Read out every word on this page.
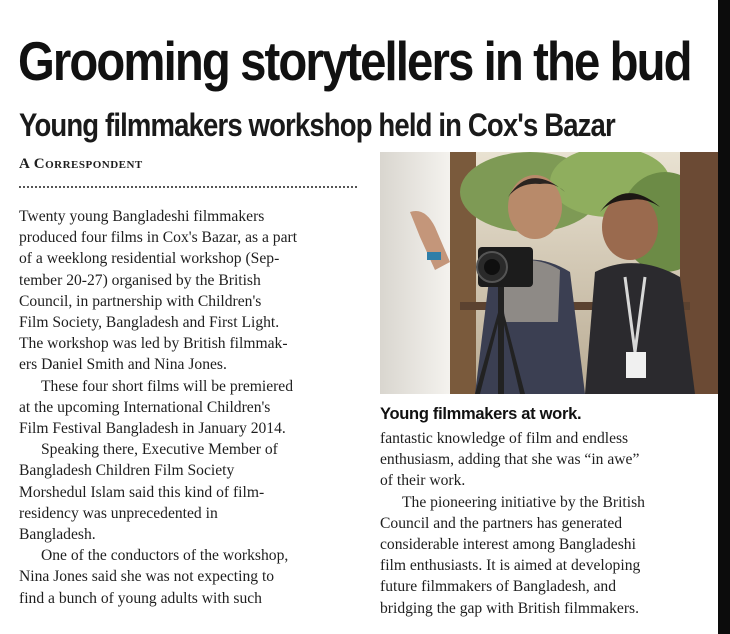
Grooming storytellers in the bud
Young filmmakers workshop held in Cox's Bazar
A Correspondent

Twenty young Bangladeshi filmmakers
produced four films in Cox's Bazar, as a part
of a weeklong residential workshop (Sep-
tember 20-27) organised by the British
Council, in partnership with Children's
Film Society, Bangladesh and First Light.
The workshop was led by British filmmak-
ers Daniel Smith and Nina Jones.

These four short films will be premiered
at the upcoming International Children's
Film Festival Bangladesh in January 2014.

Speaking there, Executive Member of
Bangladesh Children Film Society
Morshedul Islam said this kind of film-
residency was unprecedented in
Bangladesh.

One of the conductors of the workshop,
Nina Jones said she was not expecting to
find a bunch of young adults with such

Young filmmakers at work.

fantastic knowledge of film and endless
enthusiasm, adding that she was “in awe”
of their work.

The pioneering initiative by the British
Council and the partners has generated
considerable interest among Bangladeshi
film enthusiasts. It is aimed at developing
future filmmakers of Bangladesh, and
bridging the gap with British filmmakers.
